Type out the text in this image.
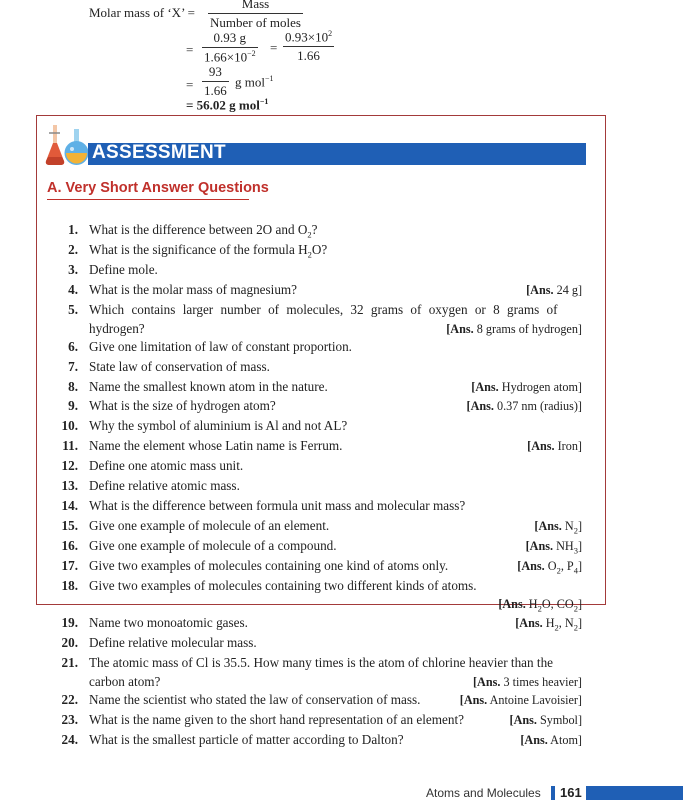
Molar mass of ‘X’ =
Mass
Number of moles
= $\frac{0.93 g}{1.66\times 10^{-2}} = \frac{0.93\times 10^2}{1.66}$
= $\frac{93}{1.66}$ g mol$^{-1}$
= 56.02 g mol$^{-1}$
ASSESSMENT
A. Very Short Answer Questions
1. What is the difference between 2O and $O_2$?
2. What is the significance of the formula $H_2O$?
3. Define mole.
4. What is the molar mass of magnesium?
5. Which contains larger number of molecules, 32 grams of oxygen or 8 grams of
hydrogen?
6. Give one limitation of law of constant proportion.
7. State law of conservation of mass.
8. Name the smallest known atom in the nature.
9. What is the size of hydrogen atom?
10. Why the symbol of aluminium is Al and not AL?
11. Name the element whose Latin name is Ferrum.
12. Define one atomic mass unit.
13. Define relative atomic mass.
14. What is the difference between formula unit mass and molecular mass?
15. Give one example of molecule of an element.
16. Give one example of molecule of a compound.
17. Give two examples of molecules containing one kind of atoms only.
18. Give two examples of molecules containing two different kinds of atoms.
19. Name two monoatomic gases.
20. Define relative molecular mass.
21. The atomic mass of Cl is 35.5. How many times is the atom of chlorine heavier than the
carbon atom?
22. Name the scientist who stated the law of conservation of mass.
23. What is the name given to the short hand representation of an element?
24. What is the smallest particle of matter according to Dalton?
Atoms and Molecules 161
[Ans. 24 g]
[Ans. 8 grams of hydrogen]
[Ans. Hydrogen atom]
[Ans. 0.37 nm (radius)]
[Ans. Iron]
[Ans. $N_2$]
[Ans. $NH_3$]
[Ans. $O_2$, $P_4$]
[Ans. $H_2O$, $CO_2$]
[Ans. $H_2$, $N_2$]
[Ans. 3 times heavier]
[Ans. Antoine Lavoisier]
[Ans. Symbol]
[Ans. Atom]
